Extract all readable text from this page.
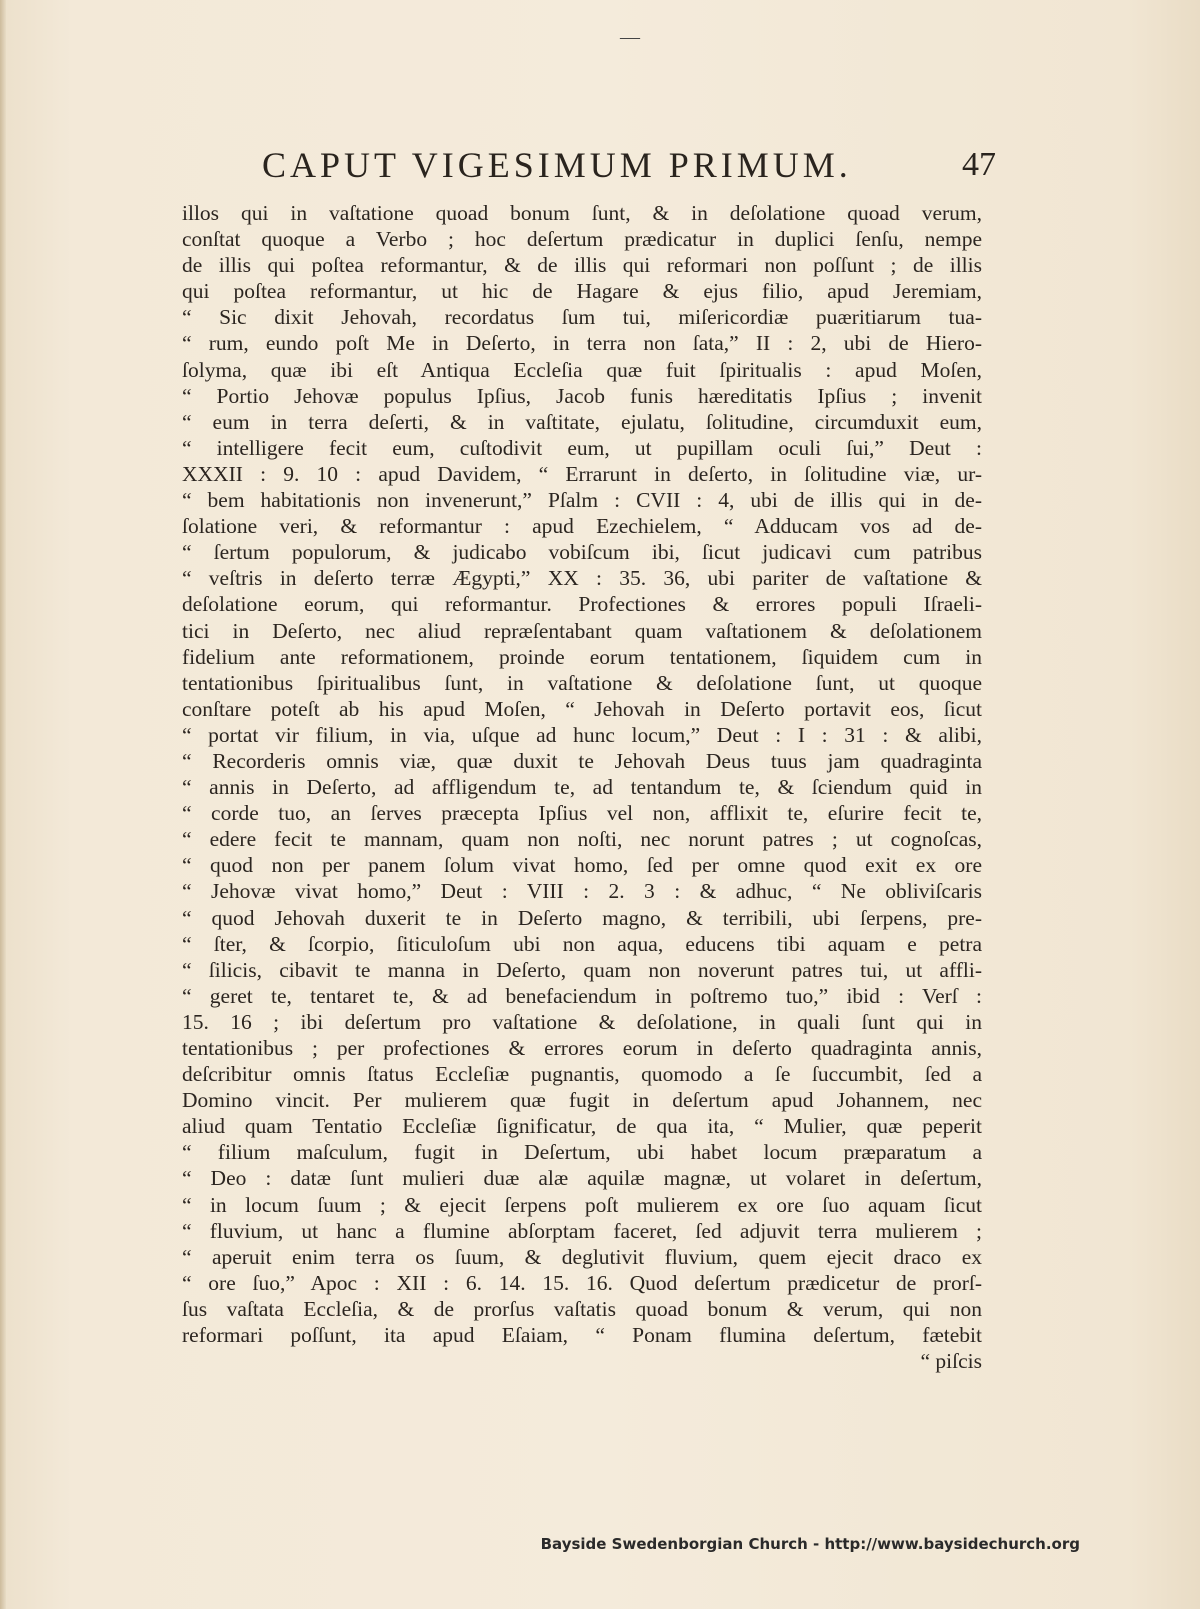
—
CAPUT VIGESIMUM PRIMUM.	47
illos qui in vaſtatione quoad bonum ſunt, & in deſolatione quoad verum,
conſtat quoque a Verbo ; hoc deſertum prædicatur in duplici ſenſu, nempe
de illis qui poſtea reformantur, & de illis qui reformari non poſſunt ; de illis
qui poſtea reformantur, ut hic de Hagare & ejus filio, apud Jeremiam,
“ Sic dixit Jehovah, recordatus ſum tui, miſericordiæ puæritiarum tua-
“ rum, eundo poſt Me in Deſerto, in terra non ſata,” II : 2, ubi de Hiero-
ſolyma, quæ ibi eſt Antiqua Eccleſia quæ fuit ſpiritualis : apud Moſen,
“ Portio Jehovæ populus Ipſius, Jacob funis hæreditatis Ipſius ; invenit
“ eum in terra deſerti, & in vaſtitate, ejulatu, ſolitudine, circumduxit eum,
“ intelligere fecit eum, cuſtodivit eum, ut pupillam oculi ſui,” Deut :
XXXII : 9. 10 : apud Davidem, “ Errarunt in deſerto, in ſolitudine viæ, ur-
“ bem habitationis non invenerunt,” Pſalm : CVII : 4, ubi de illis qui in de-
ſolatione veri, & reformantur : apud Ezechielem, “ Adducam vos ad de-
“ ſertum populorum, & judicabo vobiſcum ibi, ſicut judicavi cum patribus
“ veſtris in deſerto terræ Ægypti,” XX : 35. 36, ubi pariter de vaſtatione &
deſolatione eorum, qui reformantur. Profectiones & errores populi Iſraeli-
tici in Deſerto, nec aliud repræſentabant quam vaſtationem & deſolationem
fidelium ante reformationem, proinde eorum tentationem, ſiquidem cum in
tentationibus ſpiritualibus ſunt, in vaſtatione & deſolatione ſunt, ut quoque
conſtare poteſt ab his apud Moſen, “ Jehovah in Deſerto portavit eos, ſicut
“ portat vir filium, in via, uſque ad hunc locum,” Deut : I : 31 : & alibi,
“ Recorderis omnis viæ, quæ duxit te Jehovah Deus tuus jam quadraginta
“ annis in Deſerto, ad affligendum te, ad tentandum te, & ſciendum quid in
“ corde tuo, an ſerves præcepta Ipſius vel non, afflixit te, eſurire fecit te,
“ edere fecit te mannam, quam non noſti, nec norunt patres ; ut cognoſcas,
“ quod non per panem ſolum vivat homo, ſed per omne quod exit ex ore
“ Jehovæ vivat homo,” Deut : VIII : 2. 3 : & adhuc, “ Ne obliviſcaris
“ quod Jehovah duxerit te in Deſerto magno, & terribili, ubi ſerpens, pre-
“ ſter, & ſcorpio, ſiticuloſum ubi non aqua, educens tibi aquam e petra
“ ſilicis, cibavit te manna in Deſerto, quam non noverunt patres tui, ut affli-
“ geret te, tentaret te, & ad benefaciendum in poſtremo tuo,” ibid : Verſ :
15. 16 ; ibi deſertum pro vaſtatione & deſolatione, in quali ſunt qui in
tentationibus ; per profectiones & errores eorum in deſerto quadraginta annis,
deſcribitur omnis ſtatus Eccleſiæ pugnantis, quomodo a ſe ſuccumbit, ſed a
Domino vincit. Per mulierem quæ fugit in deſertum apud Johannem, nec
aliud quam Tentatio Eccleſiæ ſignificatur, de qua ita, “ Mulier, quæ peperit
“ filium maſculum, fugit in Deſertum, ubi habet locum præparatum a
“ Deo : datæ ſunt mulieri duæ alæ aquilæ magnæ, ut volaret in deſertum,
“ in locum ſuum ; & ejecit ſerpens poſt mulierem ex ore ſuo aquam ſicut
“ fluvium, ut hanc a flumine abſorptam faceret, ſed adjuvit terra mulierem ;
“ aperuit enim terra os ſuum, & deglutivit fluvium, quem ejecit draco ex
“ ore ſuo,” Apoc : XII : 6. 14. 15. 16. Quod deſertum prædicetur de prorſ-
ſus vaſtata Eccleſia, & de prorſus vaſtatis quoad bonum & verum, qui non
reformari poſſunt, ita apud Eſaiam, “ Ponam flumina deſertum, fætebit
“ piſcis
Bayside Swedenborgian Church - http://www.baysidechurch.org
